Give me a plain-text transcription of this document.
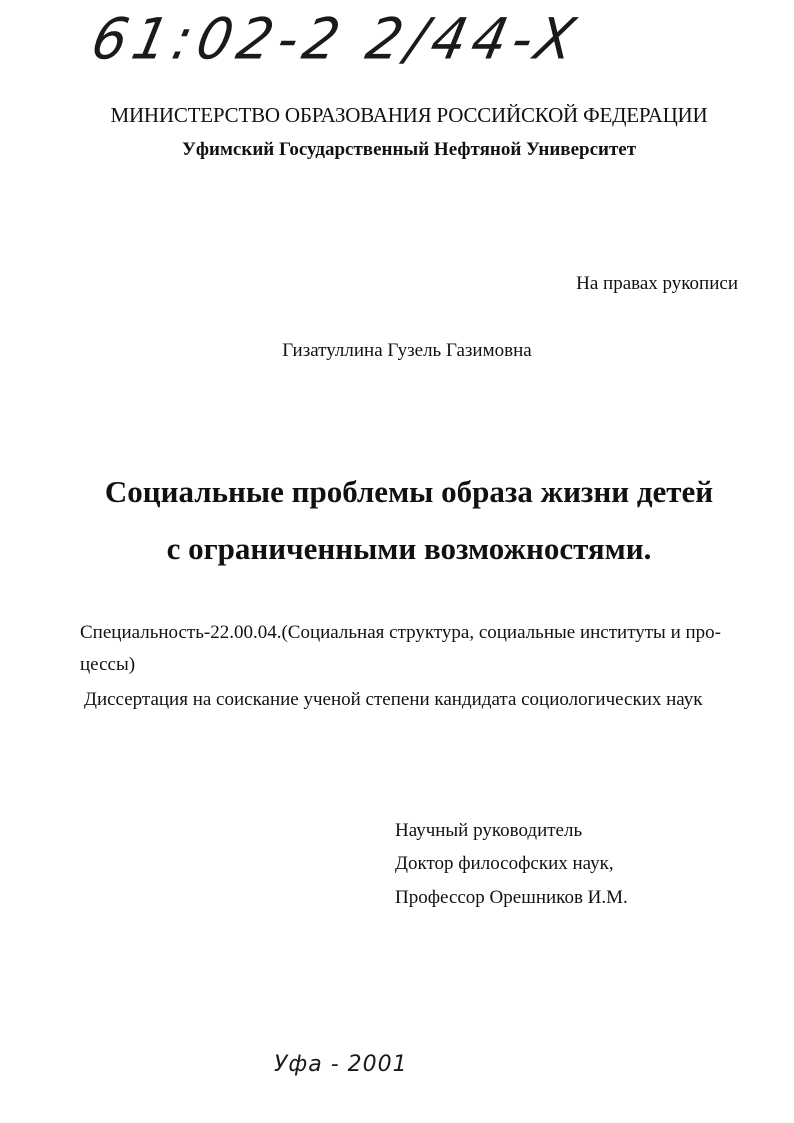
61:02-2 2/44-X
МИНИСТЕРСТВО ОБРАЗОВАНИЯ РОССИЙСКОЙ ФЕДЕРАЦИИ
Уфимский Государственный Нефтяной Университет
На правах рукописи
Гизатуллина Гузель Газимовна
Социальные проблемы образа жизни детей
с ограниченными возможностями.
Специальность-22.00.04.(Социальная структура, социальные институты и про-
цессы)
Диссертация на соискание ученой степени кандидата социологических наук
Научный руководитель
Доктор философских наук,
Профессор Орешников И.М.
Уфа - 2001
